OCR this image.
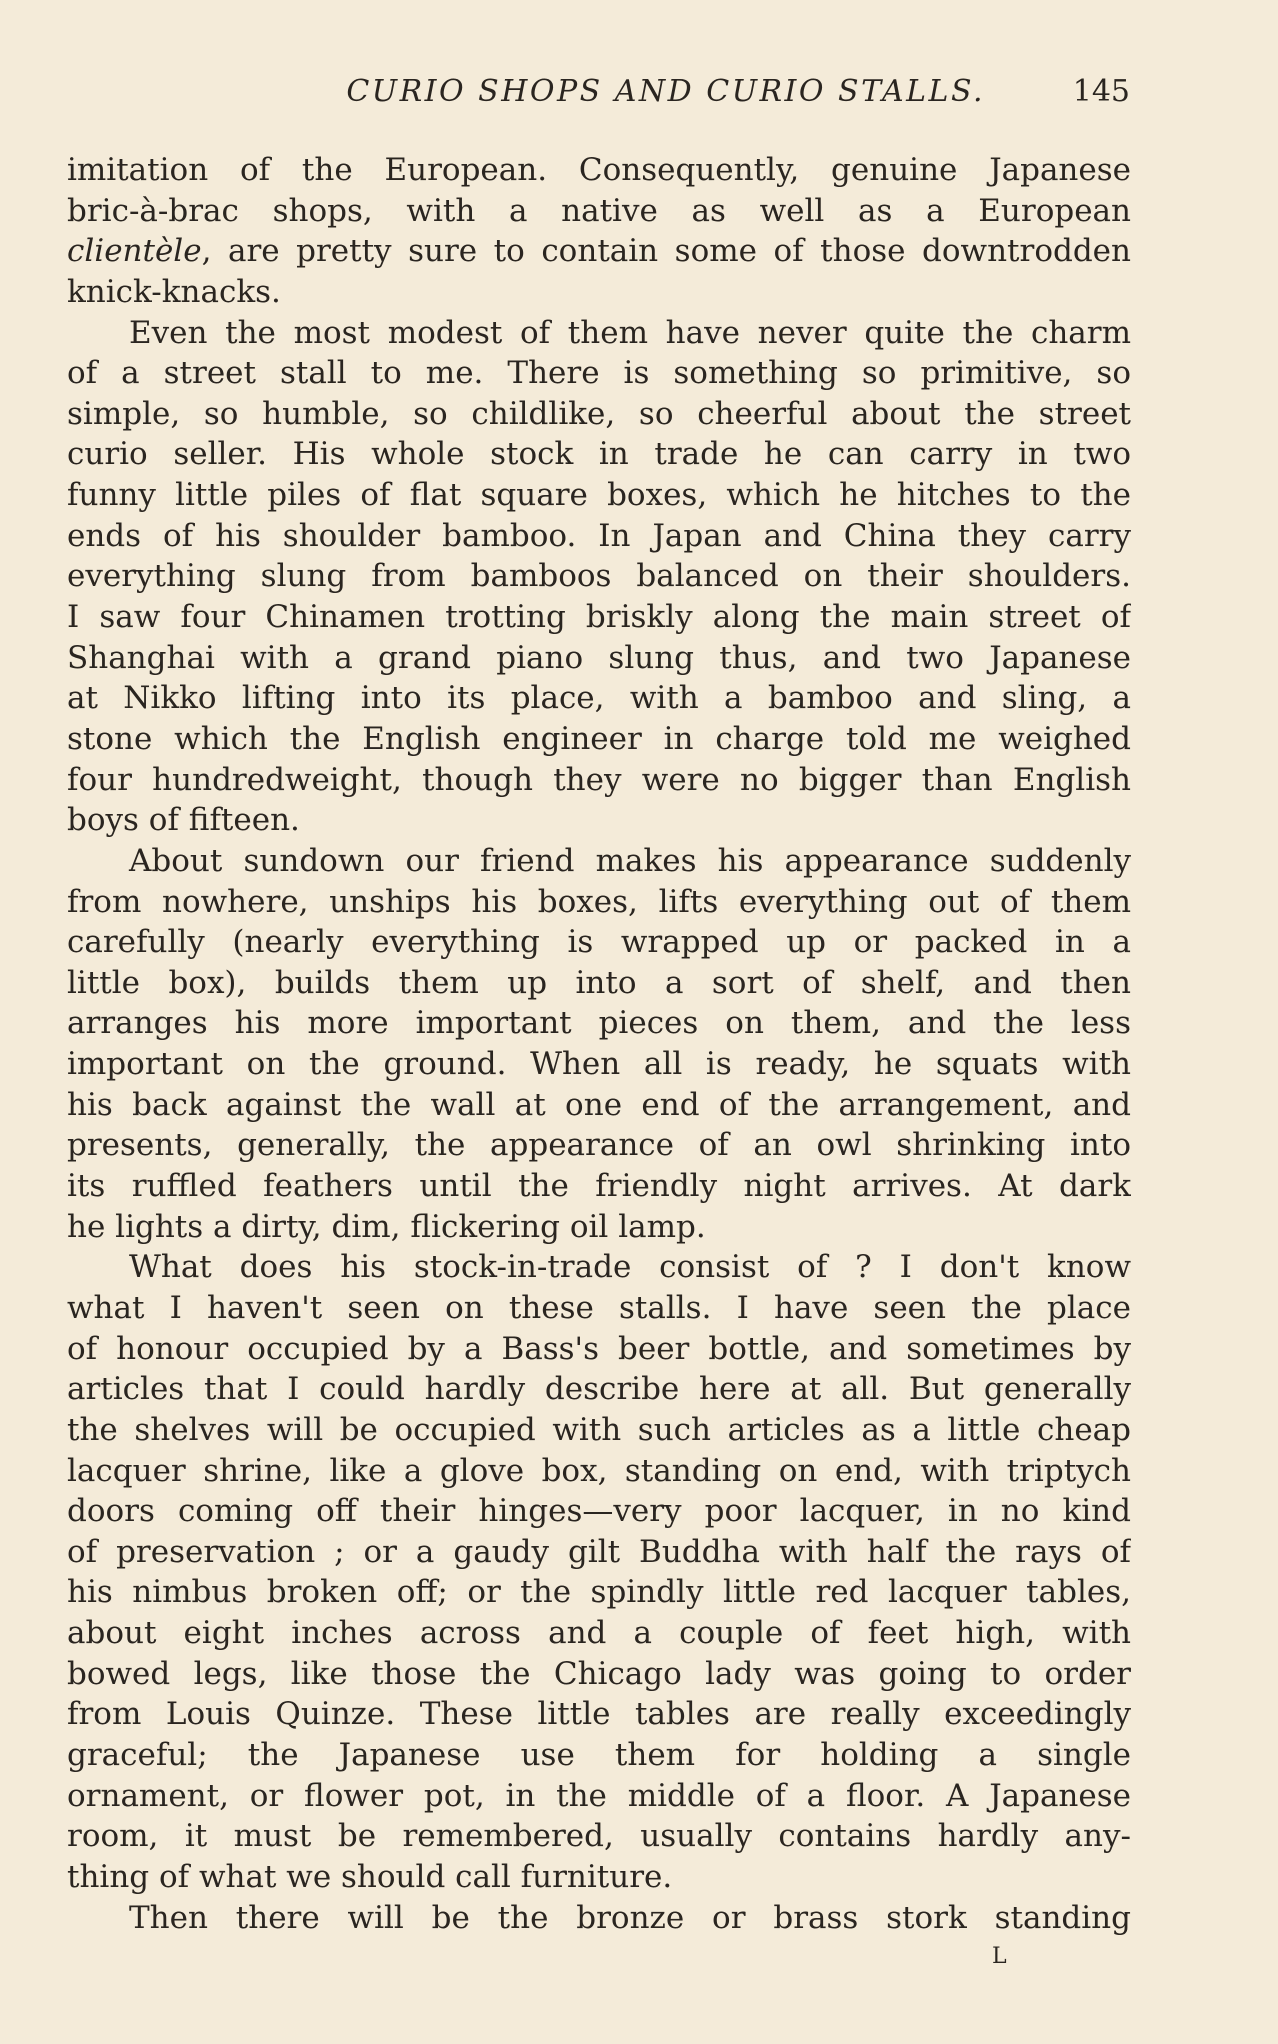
CURIO SHOPS AND CURIO STALLS.	145
imitation of the European. Consequently, genuine Japanese
bric-à-brac shops, with a native as well as a European
clientèle, are pretty sure to contain some of those downtrodden
knick-knacks.
Even the most modest of them have never quite the charm
of a street stall to me. There is something so primitive, so
simple, so humble, so childlike, so cheerful about the street
curio seller. His whole stock in trade he can carry in two
funny little piles of flat square boxes, which he hitches to the
ends of his shoulder bamboo. In Japan and China they carry
everything slung from bamboos balanced on their shoulders.
I saw four Chinamen trotting briskly along the main street of
Shanghai with a grand piano slung thus, and two Japanese
at Nikko lifting into its place, with a bamboo and sling, a
stone which the English engineer in charge told me weighed
four hundredweight, though they were no bigger than English
boys of fifteen.
About sundown our friend makes his appearance suddenly
from nowhere, unships his boxes, lifts everything out of them
carefully (nearly everything is wrapped up or packed in a
little box), builds them up into a sort of shelf, and then
arranges his more important pieces on them, and the less
important on the ground. When all is ready, he squats with
his back against the wall at one end of the arrangement, and
presents, generally, the appearance of an owl shrinking into
its ruffled feathers until the friendly night arrives. At dark
he lights a dirty, dim, flickering oil lamp.
What does his stock-in-trade consist of ? I don't know
what I haven't seen on these stalls. I have seen the place
of honour occupied by a Bass's beer bottle, and sometimes by
articles that I could hardly describe here at all. But generally
the shelves will be occupied with such articles as a little cheap
lacquer shrine, like a glove box, standing on end, with triptych
doors coming off their hinges—very poor lacquer, in no kind
of preservation ; or a gaudy gilt Buddha with half the rays of
his nimbus broken off; or the spindly little red lacquer tables,
about eight inches across and a couple of feet high, with
bowed legs, like those the Chicago lady was going to order
from Louis Quinze. These little tables are really exceedingly
graceful; the Japanese use them for holding a single
ornament, or flower pot, in the middle of a floor. A Japanese
room, it must be remembered, usually contains hardly any-
thing of what we should call furniture.
Then there will be the bronze or brass stork standing
L
